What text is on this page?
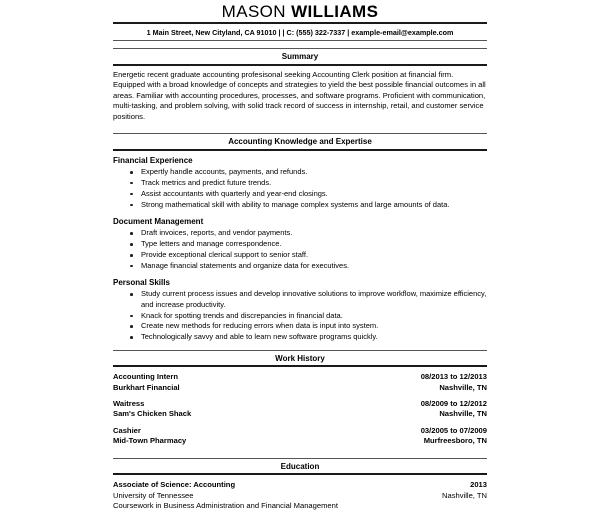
MASON WILLIAMS
1 Main Street, New Cityland, CA 91010 | | C: (555) 322-7337 | example-email@example.com
Summary
Energetic recent graduate accounting profesisonal seeking Accounting Clerk position at financial firm. Equipped with a broad knowledge of concepts and strategies to yield the best possible financial outcomes in all areas. Familiar with accounting procedures, processes, and software programs. Proficient with communication, multi-tasking, and problem solving, with solid track record of success in internship, retail, and customer service positions.
Accounting Knowledge and Expertise
Financial Experience
Expertly handle accounts, payments, and refunds.
Track metrics and predict future trends.
Assist accountants with quarterly and year-end closings.
Strong mathematical skill with ability to manage complex systems and large amounts of data.
Document Management
Draft invoices, reports, and vendor payments.
Type letters and manage correspondence.
Provide exceptional clerical support to senior staff.
Manage financial statements and organize data for executives.
Personal Skills
Study current process issues and develop innovative solutions to improve workflow, maximize efficiency, and increase productivity.
Knack for spotting trends and discrepancies in financial data.
Create new methods for reducing errors when data is input into system.
Technologically savvy and able to learn new software programs quickly.
Work History
Accounting Intern	08/2013 to 12/2013
Burkhart Financial	Nashville, TN
Waitress	08/2009 to 12/2012
Sam's Chicken Shack	Nashville, TN
Cashier	03/2005 to 07/2009
Mid-Town Pharmacy	Murfreesboro, TN
Education
Associate of Science: Accounting	2013
University of Tennessee	Nashville, TN
Coursework in Business Administration and Financial Management
